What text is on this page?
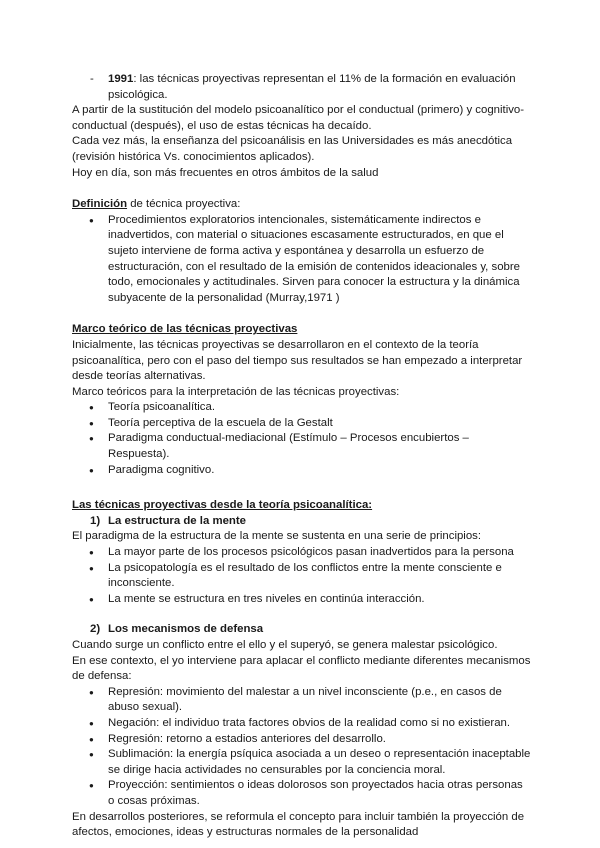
- 1991: las técnicas proyectivas representan el 11% de la formación en evaluación psicológica.

A partir de la sustitución del modelo psicoanalítico por el conductual (primero) y cognitivo-conductual (después), el uso de estas técnicas ha decaído.

Cada vez más, la enseñanza del psicoanálisis en las Universidades es más anecdótica (revisión histórica Vs. conocimientos aplicados).

Hoy en día, son más frecuentes en otros ámbitos de la salud

Definición de técnica proyectiva:

● Procedimientos exploratorios intencionales, sistemáticamente indirectos e inadvertidos, con material o situaciones escasamente estructurados, en que el sujeto interviene de forma activa y espontánea y desarrolla un esfuerzo de estructuración, con el resultado de la emisión de contenidos ideacionales y, sobre todo, emocionales y actitudinales. Sirven para conocer la estructura y la dinámica subyacente de la personalidad (Murray,1971 )

Marco teórico de las técnicas proyectivas

Inicialmente, las técnicas proyectivas se desarrollaron en el contexto de la teoría psicoanalítica, pero con el paso del tiempo sus resultados se han empezado a interpretar desde teorías alternativas.

Marco teóricos para la interpretación de las técnicas proyectivas:

● Teoría psicoanalítica.
● Teoría perceptiva de la escuela de la Gestalt
● Paradigma conductual-mediacional (Estímulo – Procesos encubiertos – Respuesta).
● Paradigma cognitivo.

Las técnicas proyectivas desde la teoría psicoanalítica:

1) La estructura de la mente

El paradigma de la estructura de la mente se sustenta en una serie de principios:

● La mayor parte de los procesos psicológicos pasan inadvertidos para la persona
● La psicopatología es el resultado de los conflictos entre la mente consciente e inconsciente.
● La mente se estructura en tres niveles en continúa interacción.
2) Los mecanismos de defensa

Cuando surge un conflicto entre el ello y el superyó, se genera malestar psicológico.

En ese contexto, el yo interviene para aplacar el conflicto mediante diferentes mecanismos de defensa:

● Represión: movimiento del malestar a un nivel inconsciente (p.e., en casos de abuso sexual).
● Negación: el individuo trata factores obvios de la realidad como si no existieran.
● Regresión: retorno a estadios anteriores del desarrollo.
● Sublimación: la energía psíquica asociada a un deseo o representación inaceptable se dirige hacia actividades no censurables por la conciencia moral.
● Proyección: sentimientos o ideas dolorosos son proyectados hacia otras personas o cosas próximas.

En desarrollos posteriores, se reformula el concepto para incluir también la proyección de afectos, emociones, ideas y estructuras normales de la personalidad
